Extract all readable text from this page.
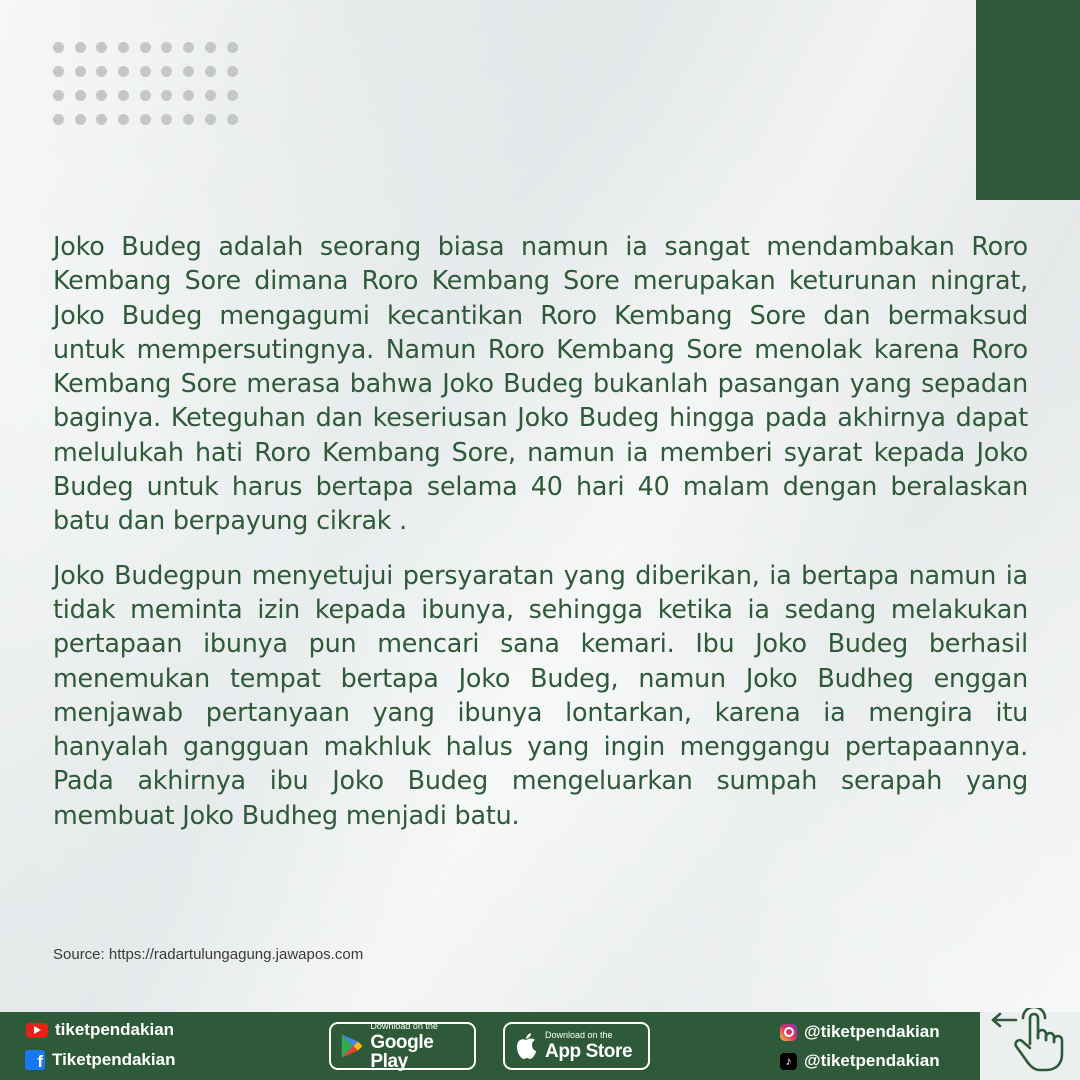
Joko Budeg adalah seorang biasa namun ia sangat mendambakan Roro Kembang Sore dimana Roro Kembang Sore merupakan keturunan ningrat, Joko Budeg mengagumi kecantikan Roro Kembang Sore dan bermaksud untuk mempersutingnya. Namun Roro Kembang Sore menolak karena Roro Kembang Sore merasa bahwa Joko Budeg bukanlah pasangan yang sepadan baginya. Keteguhan dan keseriusan Joko Budeg hingga pada akhirnya dapat melulukah hati Roro Kembang Sore, namun ia memberi syarat kepada Joko Budeg untuk harus bertapa selama 40 hari 40 malam dengan beralaskan batu dan berpayung cikrak .

Joko Budegpun menyetujui persyaratan yang diberikan, ia bertapa namun ia tidak meminta izin kepada ibunya, sehingga ketika ia sedang melakukan pertapaan ibunya pun mencari sana kemari. Ibu Joko Budeg berhasil menemukan tempat bertapa Joko Budeg, namun Joko Budheg enggan menjawab pertanyaan yang ibunya lontarkan, karena ia mengira itu hanyalah gangguan makhluk halus yang ingin menggangu pertapaannya. Pada akhirnya ibu Joko Budeg mengeluarkan sumpah serapah yang membuat Joko Budheg menjadi batu.

Source: https://radartulungagung.jawapos.com
tiketpendakian
f Tiketpendakian
Download on the
Google Play
Download on the
App Store
@tiketpendakian
♪ @tiketpendakian
